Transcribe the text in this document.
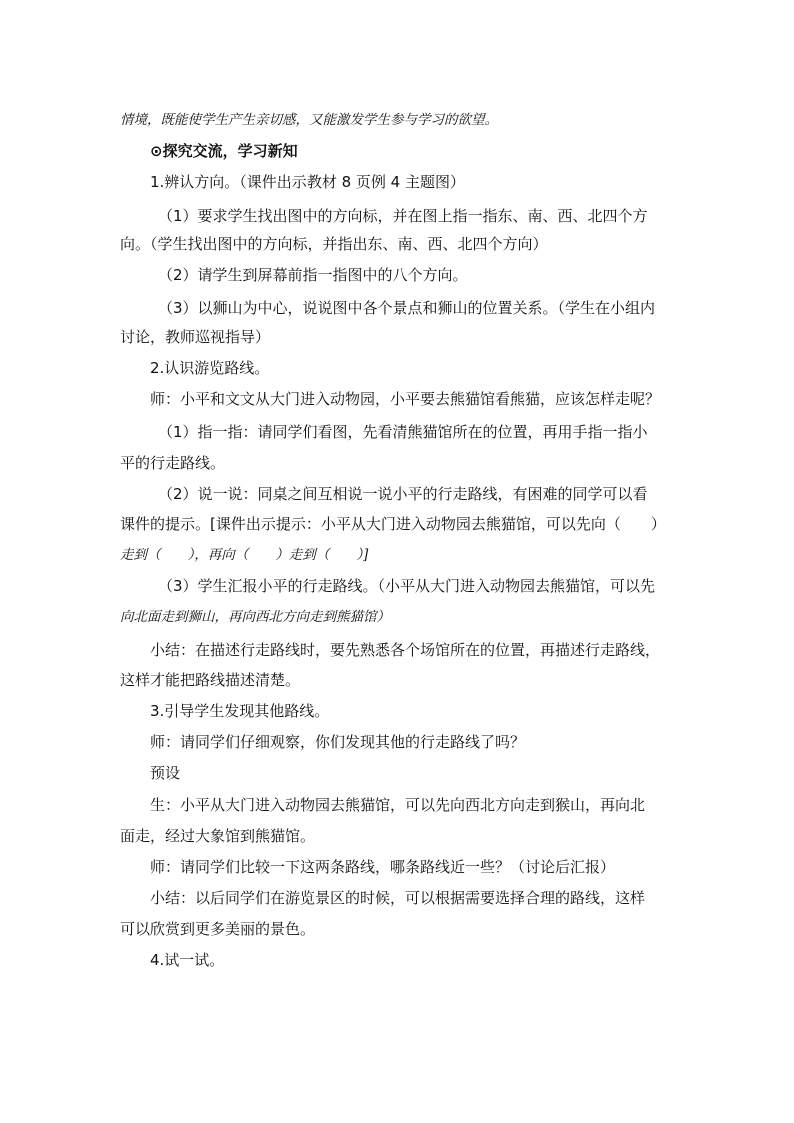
情境，既能使学生产生亲切感，又能激发学生参与学习的欲望。
⊙探究交流，学习新知
1.辨认方向。（课件出示教材 8 页例 4 主题图）
（1）要求学生找出图中的方向标，并在图上指一指东、南、西、北四个方
向。（学生找出图中的方向标，并指出东、南、西、北四个方向）
（2）请学生到屏幕前指一指图中的八个方向。
（3）以狮山为中心，说说图中各个景点和狮山的位置关系。（学生在小组内
讨论，教师巡视指导）
2.认识游览路线。
师：小平和文文从大门进入动物园，小平要去熊猫馆看熊猫，应该怎样走呢？
（1）指一指：请同学们看图，先看清熊猫馆所在的位置，再用手指一指小
平的行走路线。
（2）说一说：同桌之间互相说一说小平的行走路线，有困难的同学可以看
课件的提示。[课件出示提示：小平从大门进入动物园去熊猫馆，可以先向（　　）
走到（　　），再向（　　）走到（　　）]
（3）学生汇报小平的行走路线。（小平从大门进入动物园去熊猫馆，可以先
向北面走到狮山，再向西北方向走到熊猫馆）
小结：在描述行走路线时，要先熟悉各个场馆所在的位置，再描述行走路线，
这样才能把路线描述清楚。
3.引导学生发现其他路线。
师：请同学们仔细观察，你们发现其他的行走路线了吗？
预设
生：小平从大门进入动物园去熊猫馆，可以先向西北方向走到猴山，再向北
面走，经过大象馆到熊猫馆。
师：请同学们比较一下这两条路线，哪条路线近一些？（讨论后汇报）
小结：以后同学们在游览景区的时候，可以根据需要选择合理的路线，这样
可以欣赏到更多美丽的景色。
4.试一试。
